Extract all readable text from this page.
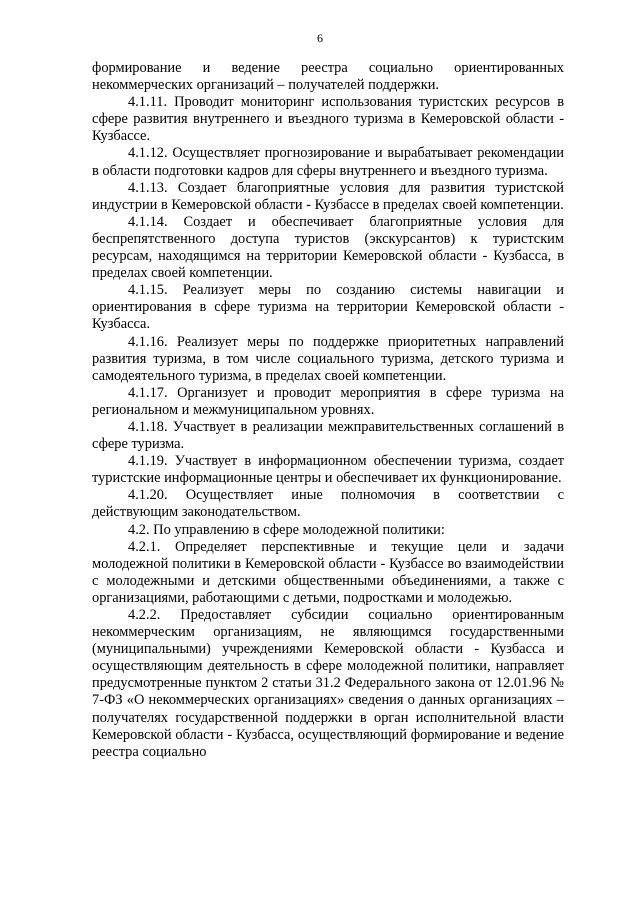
6

формирование и ведение реестра социально ориентированных некоммерческих организаций – получателей поддержки.

4.1.11. Проводит мониторинг использования туристских ресурсов в сфере развития внутреннего и въездного туризма в Кемеровской области - Кузбассе.

4.1.12. Осуществляет прогнозирование и вырабатывает рекомендации в области подготовки кадров для сферы внутреннего и въездного туризма.

4.1.13. Создает благоприятные условия для развития туристской индустрии в Кемеровской области - Кузбассе в пределах своей компетенции.

4.1.14. Создает и обеспечивает благоприятные условия для беспрепятственного доступа туристов (экскурсантов) к туристским ресурсам, находящимся на территории Кемеровской области - Кузбасса, в пределах своей компетенции.

4.1.15. Реализует меры по созданию системы навигации и ориентирования в сфере туризма на территории Кемеровской области - Кузбасса.

4.1.16. Реализует меры по поддержке приоритетных направлений развития туризма, в том числе социального туризма, детского туризма и самодеятельного туризма, в пределах своей компетенции.

4.1.17. Организует и проводит мероприятия в сфере туризма на региональном и межмуниципальном уровнях.

4.1.18. Участвует в реализации межправительственных соглашений в сфере туризма.

4.1.19. Участвует в информационном обеспечении туризма, создает туристские информационные центры и обеспечивает их функционирование.

4.1.20. Осуществляет иные полномочия в соответствии с действующим законодательством.

4.2. По управлению в сфере молодежной политики:

4.2.1. Определяет перспективные и текущие цели и задачи молодежной политики в Кемеровской области - Кузбассе во взаимодействии с молодежными и детскими общественными объединениями, а также с организациями, работающими с детьми, подростками и молодежью.

4.2.2. Предоставляет субсидии социально ориентированным некоммерческим организациям, не являющимся государственными (муниципальными) учреждениями Кемеровской области - Кузбасса и осуществляющим деятельность в сфере молодежной политики, направляет предусмотренные пунктом 2 статьи 31.2 Федерального закона от 12.01.96 № 7-ФЗ «О некоммерческих организациях» сведения о данных организациях – получателях государственной поддержки в орган исполнительной власти Кемеровской области - Кузбасса, осуществляющий формирование и ведение реестра социально
